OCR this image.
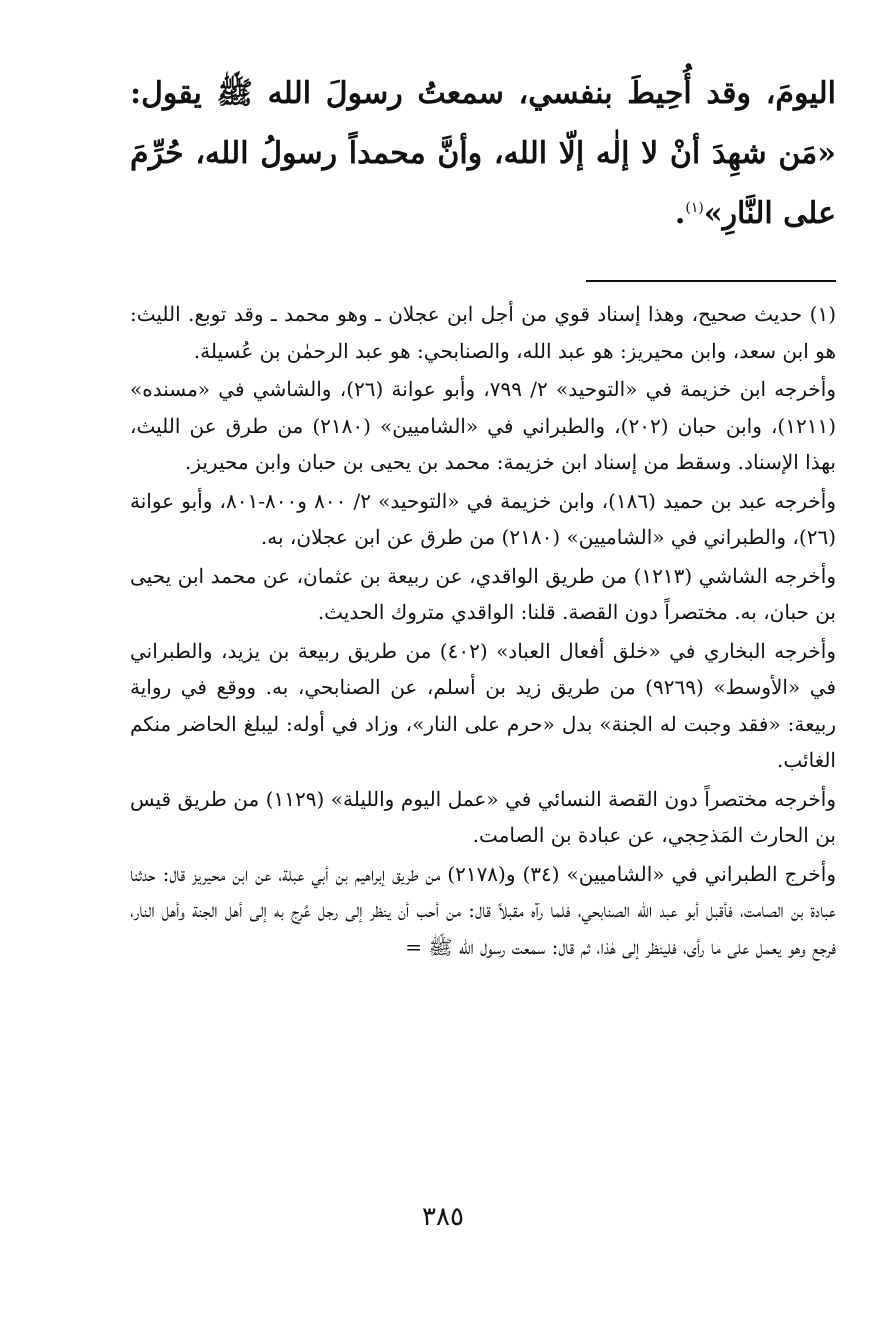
اليومَ، وقد أُحِيطَ بنفسي، سمعتُ رسولَ الله ﷺ يقول: «مَن شهِدَ أنْ لا إلٰه إلّا الله، وأنَّ محمداً رسولُ الله، حُرِّمَ على النَّارِ»$^{(١)}$.

(١) حديث صحيح، وهذا إسناد قوي من أجل ابن عجلان ـ وهو محمد ـ وقد توبع. الليث: هو ابن سعد، وابن محيريز: هو عبد الله، والصنابحي: هو عبد الرحمٰن بن عُسيلة.

وأخرجه ابن خزيمة في «التوحيد» ٢/ ٧٩٩، وأبو عوانة (٢٦)، والشاشي في «مسنده» (١٢١١)، وابن حبان (٢٠٢)، والطبراني في «الشاميين» (٢١٨٠) من طرق عن الليث، بهذا الإسناد. وسقط من إسناد ابن خزيمة: محمد بن يحيى بن حبان وابن محيريز.

وأخرجه عبد بن حميد (١٨٦)، وابن خزيمة في «التوحيد» ٢/ ٨٠٠ و٨٠٠-٨٠١، وأبو عوانة (٢٦)، والطبراني في «الشاميين» (٢١٨٠) من طرق عن ابن عجلان، به.

وأخرجه الشاشي (١٢١٣) من طريق الواقدي، عن ربيعة بن عثمان، عن محمد ابن يحيى بن حبان، به. مختصراً دون القصة. قلنا: الواقدي متروك الحديث.

وأخرجه البخاري في «خلق أفعال العباد» (٤٠٢) من طريق ربيعة بن يزيد، والطبراني في «الأوسط» (٩٢٦٩) من طريق زيد بن أسلم، عن الصنابحي، به. ووقع في رواية ربيعة: «فقد وجبت له الجنة» بدل «حرم على النار»، وزاد في أوله: ليبلغ الحاضر منكم الغائب.

وأخرجه مختصراً دون القصة النسائي في «عمل اليوم والليلة» (١١٢٩) من طريق قيس بن الحارث المَذحِجي، عن عبادة بن الصامت.

وأخرج الطبراني في «الشاميين» (٣٤) و(٢١٧٨) من طريق إبراهيم بن أبي عبلة، عن ابن محيريز قال: حدثنا عبادة بن الصامت، فأقبل أبو عبد الله الصنابحي، فلما رآه مقبلاً قال: من أحب أن ينظر إلى رجل عُرِج به إلى أهل الجنة وأهل النار، فرجع وهو يعمل على ما رأى، فلينظر إلى هٰذا، ثم قال: سمعت رسول الله ﷺ =

٣٨٥
